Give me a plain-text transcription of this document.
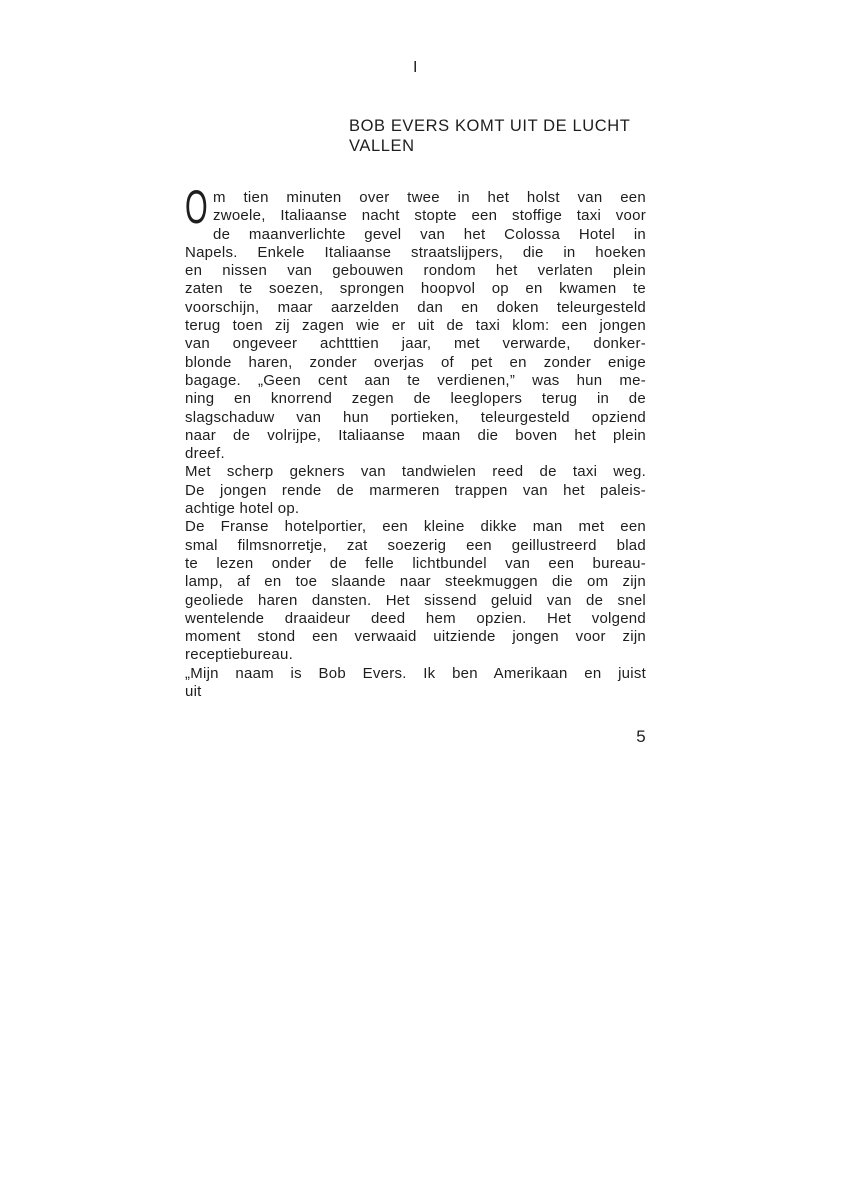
I
BOB EVERS KOMT UIT DE LUCHT
VALLEN
O m tien minuten over twee in het holst van een
zwoele, Italiaanse nacht stopte een stoffige taxi voor
de maanverlichte gevel van het Colossa Hotel in
Napels. Enkele Italiaanse straatslijpers, die in hoeken
en nissen van gebouwen rondom het verlaten plein
zaten te soezen, sprongen hoopvol op en kwamen te
voorschijn, maar aarzelden dan en doken teleurgesteld
terug toen zij zagen wie er uit de taxi klom: een jongen
van ongeveer achtttien jaar, met verwarde, donker-
blonde haren, zonder overjas of pet en zonder enige
bagage. „Geen cent aan te verdienen,” was hun me-
ning en knorrend zegen de leeglopers terug in de
slagschaduw van hun portieken, teleurgesteld opziend
naar de volrijpe, Italiaanse maan die boven het plein
dreef.
Met scherp gekners van tandwielen reed de taxi weg.
De jongen rende de marmeren trappen van het paleis-
achtige hotel op.
De Franse hotelportier, een kleine dikke man met een
smal filmsnorretje, zat soezerig een geillustreerd blad
te lezen onder de felle lichtbundel van een bureau-
lamp, af en toe slaande naar steekmuggen die om zijn
geoliede haren dansten. Het sissend geluid van de snel
wentelende draaideur deed hem opzien. Het volgend
moment stond een verwaaid uitziende jongen voor zijn
receptiebureau.
„Mijn naam is Bob Evers. Ik ben Amerikaan en juist
uit
5
